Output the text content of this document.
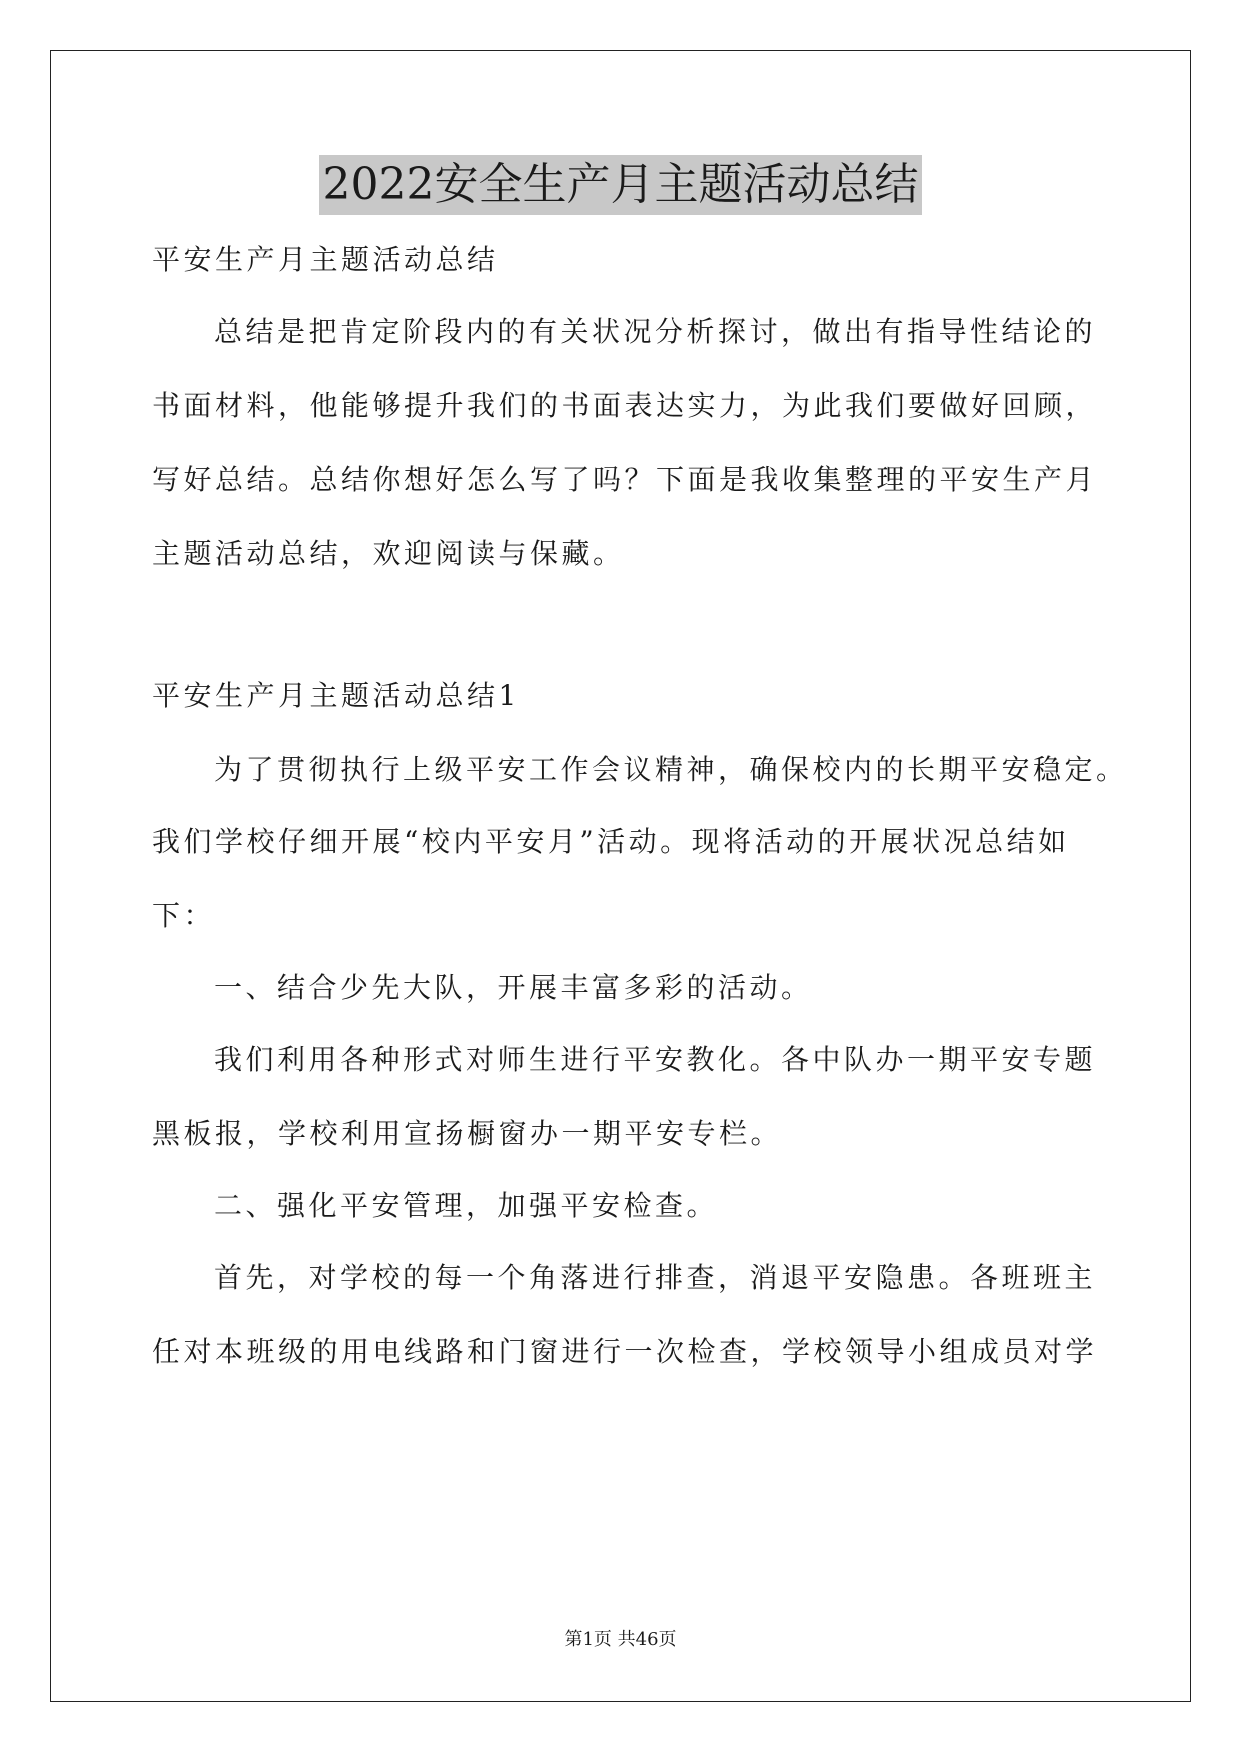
2022安全生产月主题活动总结
平安生产月主题活动总结
总结是把肯定阶段内的有关状况分析探讨，做出有指导性结论的
书面材料，他能够提升我们的书面表达实力，为此我们要做好回顾，
写好总结。总结你想好怎么写了吗？下面是我收集整理的平安生产月
主题活动总结，欢迎阅读与保藏。
平安生产月主题活动总结1
为了贯彻执行上级平安工作会议精神，确保校内的长期平安稳定。
我们学校仔细开展“校内平安月”活动。现将活动的开展状况总结如
下：
一、结合少先大队，开展丰富多彩的活动。
我们利用各种形式对师生进行平安教化。各中队办一期平安专题
黑板报，学校利用宣扬橱窗办一期平安专栏。
二、强化平安管理，加强平安检查。
首先，对学校的每一个角落进行排查，消退平安隐患。各班班主
任对本班级的用电线路和门窗进行一次检查，学校领导小组成员对学
第1页 共46页
